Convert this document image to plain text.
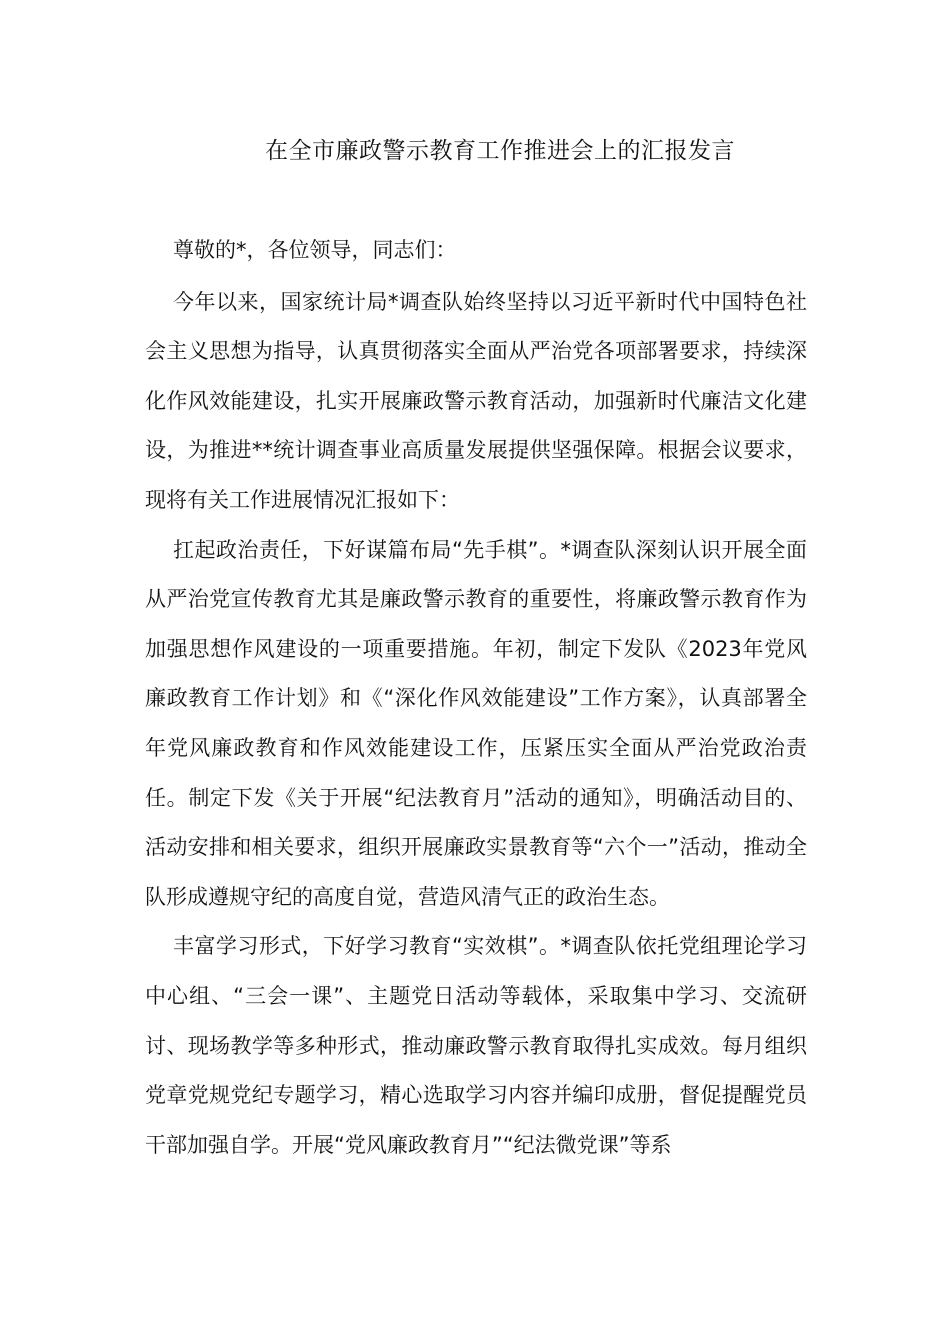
在全市廉政警示教育工作推进会上的汇报发言

尊敬的*，各位领导，同志们：

今年以来，国家统计局*调查队始终坚持以习近平新时代中国特色社会主义思想为指导，认真贯彻落实全面从严治党各项部署要求，持续深化作风效能建设，扎实开展廉政警示教育活动，加强新时代廉洁文化建设，为推进**统计调查事业高质量发展提供坚强保障。根据会议要求，现将有关工作进展情况汇报如下：

扛起政治责任，下好谋篇布局“先手棋”。*调查队深刻认识开展全面从严治党宣传教育尤其是廉政警示教育的重要性，将廉政警示教育作为加强思想作风建设的一项重要措施。年初，制定下发队《2023年党风廉政教育工作计划》和《“深化作风效能建设”工作方案》，认真部署全年党风廉政教育和作风效能建设工作，压紧压实全面从严治党政治责任。制定下发《关于开展“纪法教育月”活动的通知》，明确活动目的、活动安排和相关要求，组织开展廉政实景教育等“六个一”活动，推动全队形成遵规守纪的高度自觉，营造风清气正的政治生态。

丰富学习形式，下好学习教育“实效棋”。*调查队依托党组理论学习中心组、“三会一课”、主题党日活动等载体，采取集中学习、交流研讨、现场教学等多种形式，推动廉政警示教育取得扎实成效。每月组织党章党规党纪专题学习，精心选取学习内容并编印成册，督促提醒党员干部加强自学。开展“党风廉政教育月”“纪法微党课”等系
